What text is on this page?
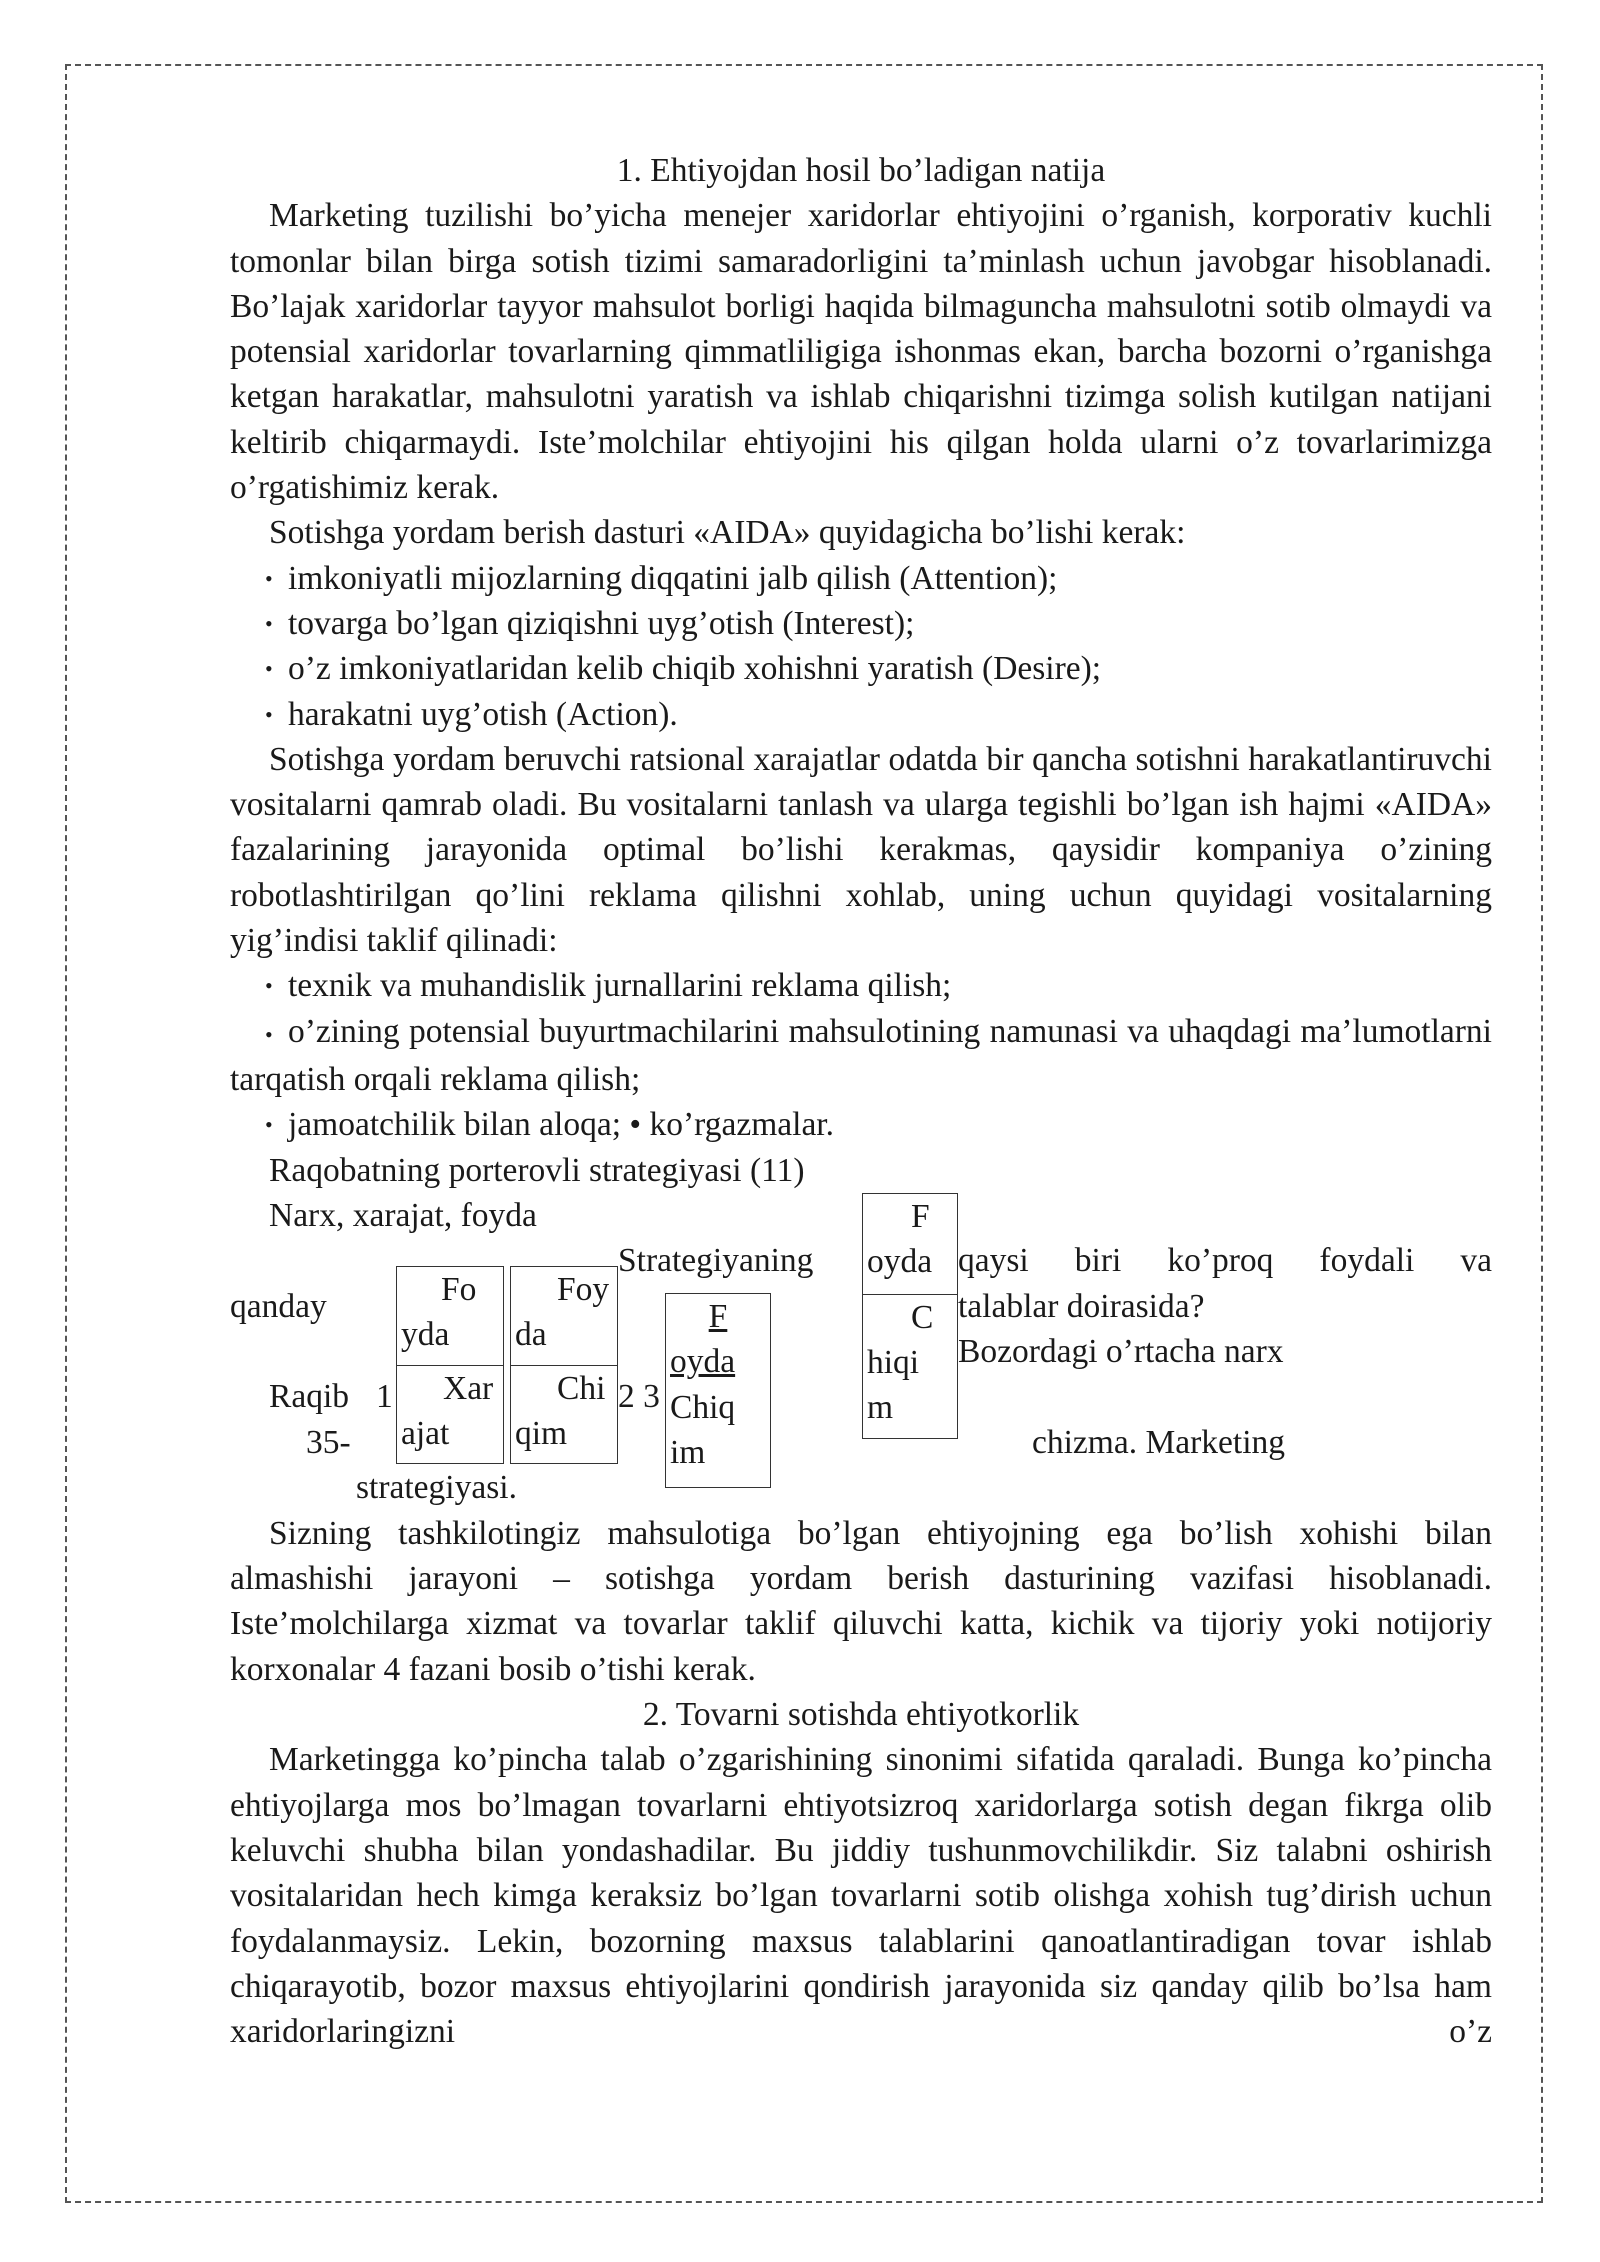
1. Ehtiyojdan hosil bo’ladigan natija

Marketing tuzilishi bo’yicha menejer xaridorlar ehtiyojini o’rganish, korporativ kuchli tomonlar bilan birga sotish tizimi samaradorligini ta’minlash uchun javobgar hisoblanadi. Bo’lajak xaridorlar tayyor mahsulot borligi haqida bilmaguncha mahsulotni sotib olmaydi va potensial xaridorlar tovarlarning qimmatliligiga ishonmas ekan, barcha bozorni o’rganishga ketgan harakatlar, mahsulotni yaratish va ishlab chiqarishni tizimga solish kutilgan natijani keltirib chiqarmaydi. Iste’molchilar ehtiyojini his qilgan holda ularni o’z tovarlarimizga o’rgatishimiz kerak.

Sotishga yordam berish dasturi «AIDA» quyidagicha bo’lishi kerak:

• imkoniyatli mijozlarning diqqatini jalb qilish (Attention);
• tovarga bo’lgan qiziqishni uyg’otish (Interest);
• o’z imkoniyatlaridan kelib chiqib xohishni yaratish (Desire);
• harakatni uyg’otish (Action).

Sotishga yordam beruvchi ratsional xarajatlar odatda bir qancha sotishni harakatlantiruvchi vositalarni qamrab oladi. Bu vositalarni tanlash va ularga tegishli bo’lgan ish hajmi «AIDA» fazalarining jarayonida optimal bo’lishi kerakmas, qaysidir kompaniya o’zining robotlashtirilgan qo’lini reklama qilishni xohlab, uning uchun quyidagi vositalarning yig’indisi taklif qilinadi:

• texnik va muhandislik jurnallarini reklama qilish;

• o’zining potensial buyurtmachilarini mahsulotining namunasi va uhaqdagi ma’lumotlarni tarqatish orqali reklama qilish;

• jamoatchilik bilan aloqa; • ko’rgazmalar.

Raqobatning porterovli strategiyasi (11)

Narx, xarajat, foyda
Strategiyaning	qaysi biri ko’proq foydali va
qanday	talablar doirasida?
Bozordagi o’rtacha narx
Raqib 1	2 3
35-	chizma. Marketing
strategiyasi.
Fo yda
Xar ajat
Foy da
Chi qim
F
oyda
Chiq im
F oyda
C hiqi m

Sizning tashkilotingiz mahsulotiga bo’lgan ehtiyojning ega bo’lish xohishi bilan almashishi jarayoni – sotishga yordam berish dasturining vazifasi hisoblanadi. Iste’molchilarga xizmat va tovarlar taklif qiluvchi katta, kichik va tijoriy yoki notijoriy korxonalar 4 fazani bosib o’tishi kerak.

2. Tovarni sotishda ehtiyotkorlik

Marketingga ko’pincha talab o’zgarishining sinonimi sifatida qaraladi. Bunga ko’pincha ehtiyojlarga mos bo’lmagan tovarlarni ehtiyotsizroq xaridorlarga sotish degan fikrga olib keluvchi shubha bilan yondashadilar. Bu jiddiy tushunmovchilikdir. Siz talabni oshirish vositalaridan hech kimga keraksiz bo’lgan tovarlarni sotib olishga xohish tug’dirish uchun foydalanmaysiz. Lekin, bozorning maxsus talablarini qanoatlantiradigan tovar ishlab chiqarayotib, bozor maxsus ehtiyojlarini qondirish jarayonida siz qanday qilib bo’lsa ham xaridorlaringizni o’z
